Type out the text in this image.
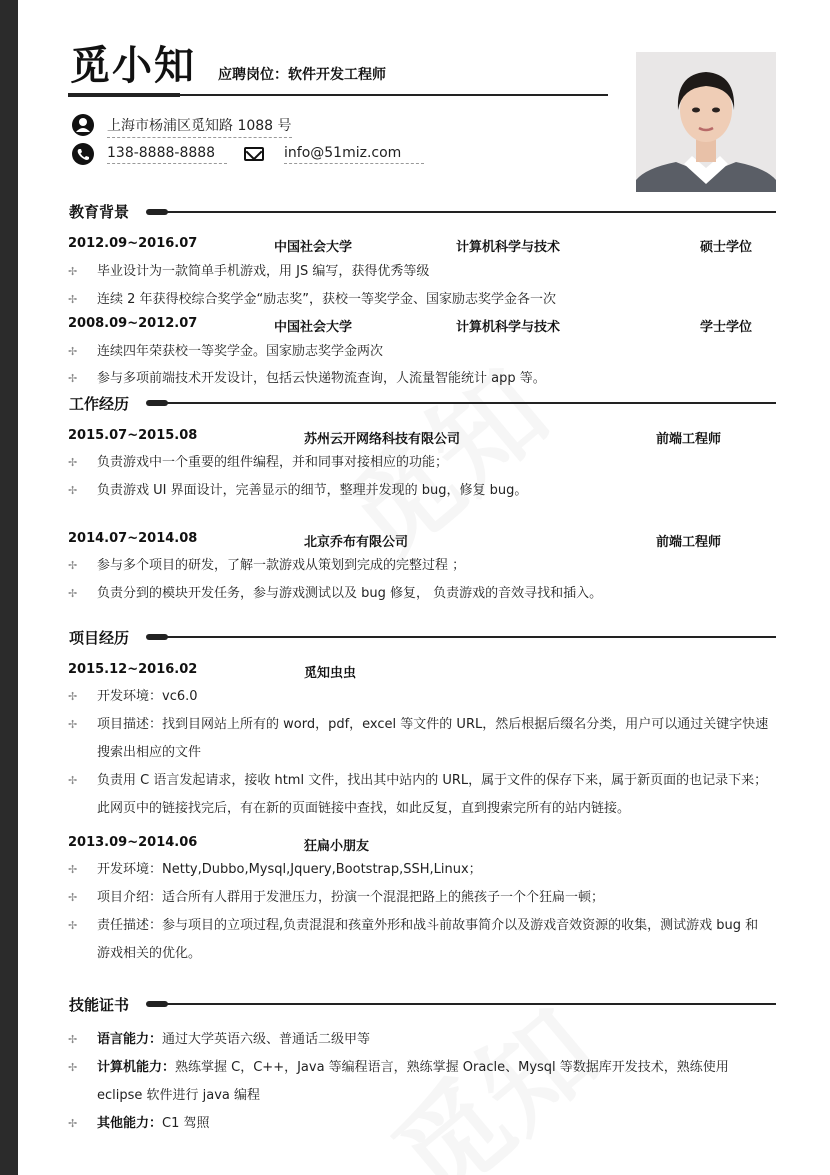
觅小知 应聘岗位：软件开发工程师
上海市杨浦区觅知路 1088 号
138-8888-8888	info@51miz.com
教育背景
2012.09~2016.07	中国社会大学	计算机科学与技术	硕士学位
✢ 毕业设计为一款简单手机游戏，用 JS 编写，获得优秀等级
✢ 连续 2 年获得校综合奖学金“励志奖”，获校一等奖学金、国家励志奖学金各一次
2008.09~2012.07	中国社会大学	计算机科学与技术	学士学位
✢ 连续四年荣获校一等奖学金。国家励志奖学金两次
✢ 参与多项前端技术开发设计，包括云快递物流查询，人流量智能统计 app 等。
工作经历
2015.07~2015.08	苏州云开网络科技有限公司	前端工程师
✢ 负责游戏中一个重要的组件编程，并和同事对接相应的功能；
✢ 负责游戏 UI 界面设计，完善显示的细节，整理并发现的 bug，修复 bug。
2014.07~2014.08	北京乔布有限公司	前端工程师
✢ 参与多个项目的研发，了解一款游戏从策划到完成的完整过程 ；
✢ 负责分到的模块开发任务，参与游戏测试以及 bug 修复， 负责游戏的音效寻找和插入。
项目经历
2015.12~2016.02	觅知虫虫
✢ 开发环境：vc6.0
✢ 项目描述：找到目网站上所有的 word，pdf，excel 等文件的 URL，然后根据后缀名分类，用户可以通过关键字快速搜索出相应的文件
✢ 负责用 C 语言发起请求，接收 html 文件，找出其中站内的 URL，属于文件的保存下来，属于新页面的也记录下来；此网页中的链接找完后，有在新的页面链接中查找，如此反复，直到搜索完所有的站内链接。
2013.09~2014.06	狂扁小朋友
✢ 开发环境：Netty,Dubbo,Mysql,Jquery,Bootstrap,SSH,Linux；
✢ 项目介绍：适合所有人群用于发泄压力，扮演一个混混把路上的熊孩子一个个狂扁一顿；
✢ 责任描述：参与项目的立项过程,负责混混和孩童外形和战斗前故事简介以及游戏音效资源的收集，测试游戏 bug 和游戏相关的优化。
技能证书
✢ 语言能力：通过大学英语六级、普通话二级甲等
✢ 计算机能力：熟练掌握 C，C++，Java 等编程语言，熟练掌握 Oracle、Mysql 等数据库开发技术，熟练使用 eclipse 软件进行 java 编程
✢ 其他能力：C1 驾照
